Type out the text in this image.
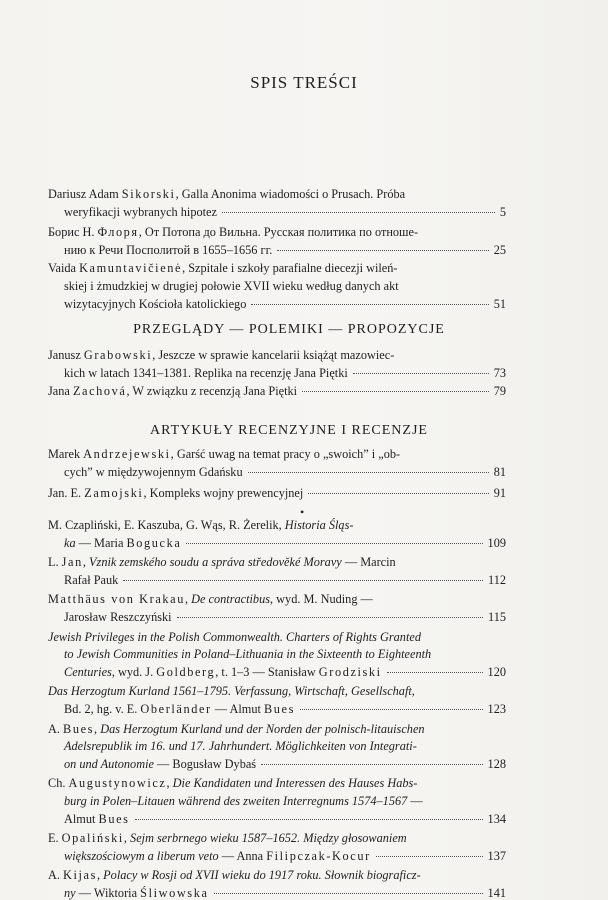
SPIS TREŚCI
Dariusz Adam Sikorski, Galla Anonima wiadomości o Prusach. Próba
weryfikacji wybranych hipotez	5
Борис Н. Флоря, От Потопа до Вильна. Русская политика по отноше-
нию к Речи Посполитой в 1655–1656 гг.	25
Vaida Kamuntavičienė, Szpitale i szkoły parafialne diecezji wileń-
skiej i żmudzkiej w drugiej połowie XVII wieku według danych akt
wizytacyjnych Kościoła katolickiego	51
PRZEGLĄDY — POLEMIKI — PROPOZYCJE
Janusz Grabowski, Jeszcze w sprawie kancelarii książąt mazowiec-
kich w latach 1341–1381. Replika na recenzję Jana Piętki	73
Jana Zachová, W związku z recenzją Jana Piętki	79
ARTYKUŁY RECENZYJNE I RECENZJE
Marek Andrzejewski, Garść uwag na temat pracy o „swoich” i „ob-
cych” w międzywojennym Gdańsku	81
Jan. E. Zamojski, Kompleks wojny prewencyjnej	91
•
M. Czapliński, E. Kaszuba, G. Wąs, R. Żerelik, Historia Śląs-
ka — Maria Bogucka	109
L. Jan, Vznik zemského soudu a správa středověké Moravy — Marcin
Rafał Pauk	112
Matthäus von Krakau, De contractibus, wyd. M. Nuding —
Jarosław Reszczyński	115
Jewish Privileges in the Polish Commonwealth. Charters of Rights Granted
to Jewish Communities in Poland–Lithuania in the Sixteenth to Eighteenth
Centuries, wyd. J. Goldberg, t. 1–3 — Stanisław Grodziski	120
Das Herzogtum Kurland 1561–1795. Verfassung, Wirtschaft, Gesellschaft,
Bd. 2, hg. v. E. Oberländer — Almut Bues	123
A. Bues, Das Herzogtum Kurland und der Norden der polnisch-litauischen
Adelsrepublik im 16. und 17. Jahrhundert. Möglichkeiten von Integrati-
on und Autonomie — Bogusław Dybaś	128
Ch. Augustynowicz, Die Kandidaten und Interessen des Hauses Habs-
burg in Polen–Litauen während des zweiten Interregnums 1574–1567 —
Almut Bues	134
E. Opaliński, Sejm serbrnego wieku 1587–1652. Między głosowaniem
większościowym a liberum veto — Anna Filipczak-Kocur	137
A. Kijas, Polacy w Rosji od XVII wieku do 1917 roku. Słownik biograficz-
ny — Wiktoria Śliwowska	141
